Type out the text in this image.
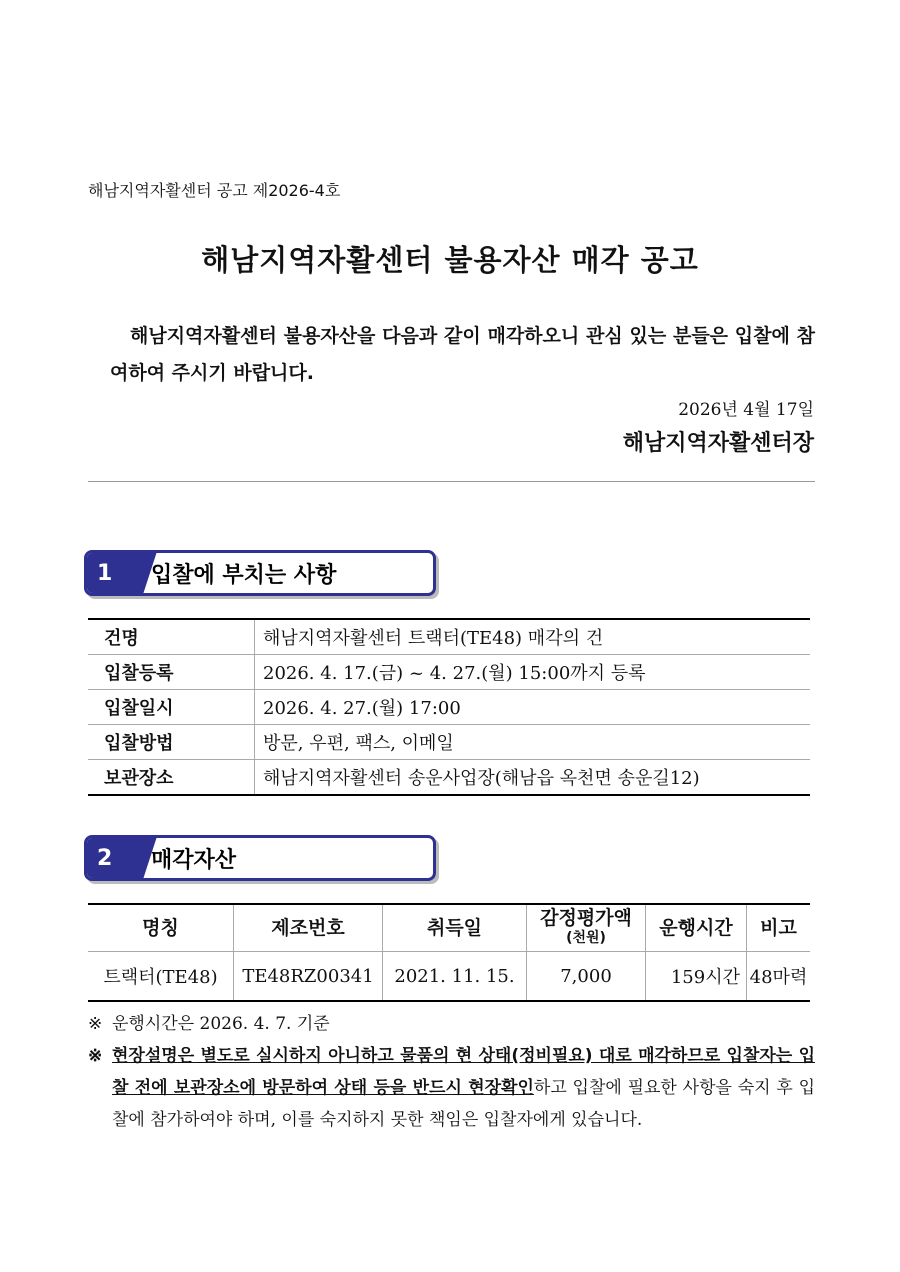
해남지역자활센터 공고 제2026-4호
해남지역자활센터 불용자산 매각 공고
해남지역자활센터 불용자산을 다음과 같이 매각하오니 관심 있는 분들은 입찰에 참여하여 주시기 바랍니다.
2026년 4월 17일
해남지역자활센터장
1	입찰에 부치는 사항
건명	해남지역자활센터 트랙터(TE48) 매각의 건
입찰등록	2026. 4. 17.(금) ~ 4. 27.(월) 15:00까지 등록
입찰일시	2026. 4. 27.(월) 17:00
입찰방법	방문, 우편, 팩스, 이메일
보관장소	해남지역자활센터 송운사업장(해남읍 옥천면 송운길12)
2	매각자산
명칭	제조번호	취득일	감정평가액
(천원)	운행시간	비고
트랙터(TE48)	TE48RZ00341	2021. 11. 15.	7,000	159시간	48마력
※ 운행시간은 2026. 4. 7. 기준
※ 현장설명은 별도로 실시하지 아니하고 물품의 현 상태(정비필요) 대로 매각하므로 입찰자는 입찰 전에 보관장소에 방문하여 상태 등을 반드시 현장확인하고 입찰에 필요한 사항을 숙지 후 입찰에 참가하여야 하며, 이를 숙지하지 못한 책임은 입찰자에게 있습니다.
